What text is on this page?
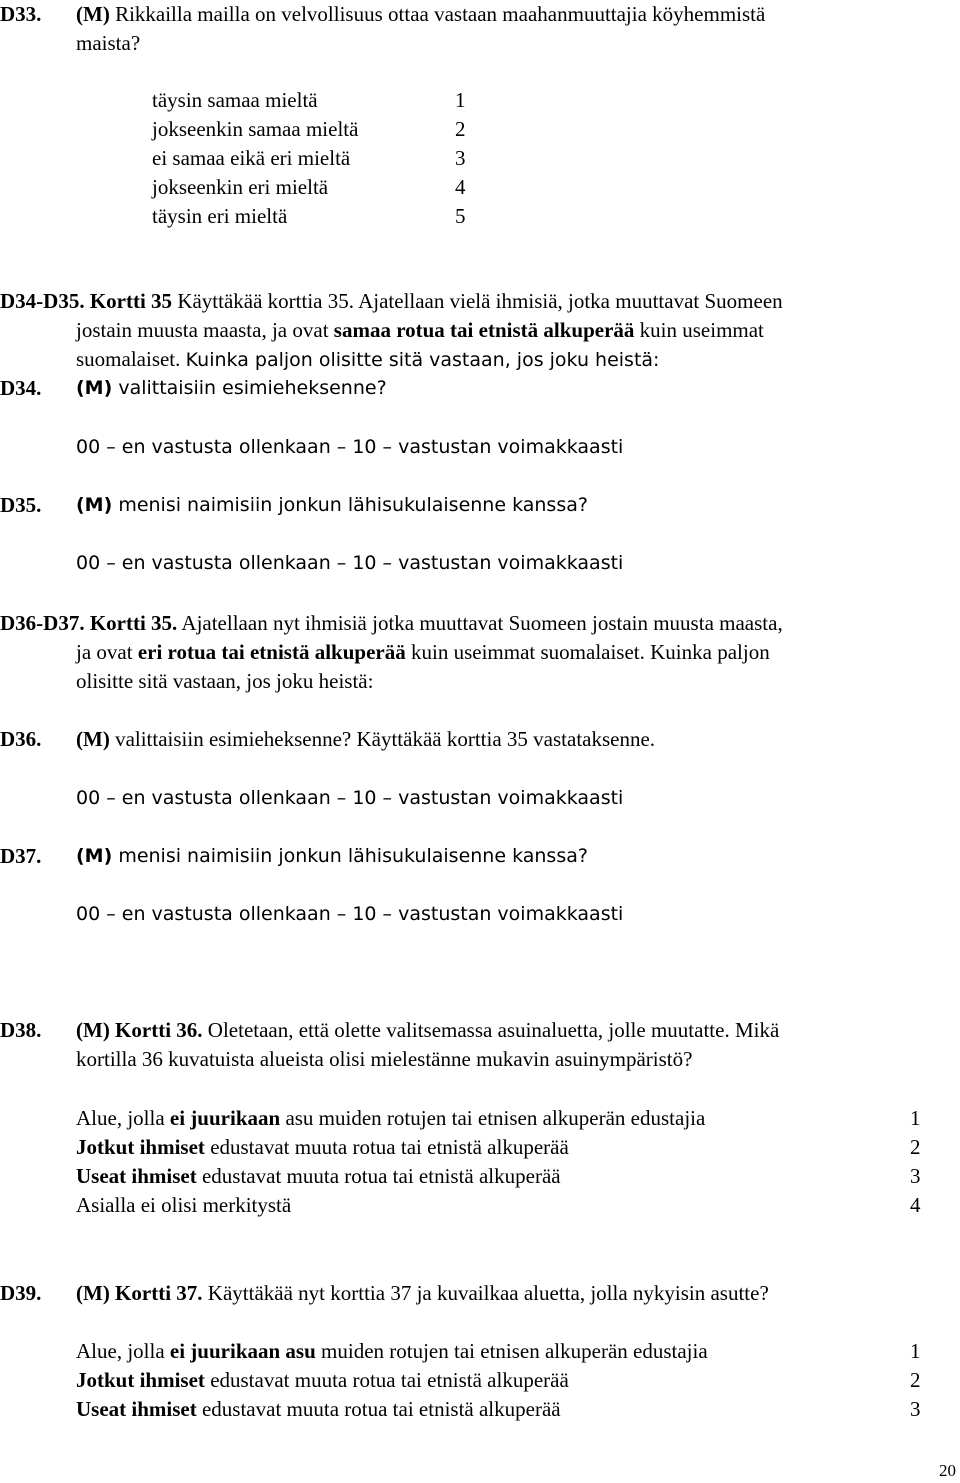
D33. (M) Rikkailla mailla on velvollisuus ottaa vastaan maahanmuuttajia köyhemmistä
maista?
täysin samaa mieltä	1
jokseenkin samaa mieltä	2
ei samaa eikä eri mieltä	3
jokseenkin eri mieltä	4
täysin eri mieltä	5
D34-D35. Kortti 35 Käyttäkää korttia 35. Ajatellaan vielä ihmisiä, jotka muuttavat Suomeen
jostain muusta maasta, ja ovat samaa rotua tai etnistä alkuperää kuin useimmat
suomalaiset. Kuinka paljon olisitte sitä vastaan, jos joku heistä:
D34. (M) valittaisiin esimieheksenne?
00 – en vastusta ollenkaan – 10 – vastustan voimakkaasti
D35. (M) menisi naimisiin jonkun lähisukulaisenne kanssa?
00 – en vastusta ollenkaan – 10 – vastustan voimakkaasti
D36-D37. Kortti 35. Ajatellaan nyt ihmisiä jotka muuttavat Suomeen jostain muusta maasta,
ja ovat eri rotua tai etnistä alkuperää kuin useimmat suomalaiset. Kuinka paljon
olisitte sitä vastaan, jos joku heistä:
D36. (M) valittaisiin esimieheksenne? Käyttäkää korttia 35 vastataksenne.
00 – en vastusta ollenkaan – 10 – vastustan voimakkaasti
D37. (M) menisi naimisiin jonkun lähisukulaisenne kanssa?
00 – en vastusta ollenkaan – 10 – vastustan voimakkaasti
D38. (M) Kortti 36. Oletetaan, että olette valitsemassa asuinaluetta, jolle muutatte. Mikä
kortilla 36 kuvatuista alueista olisi mielestänne mukavin asuinympäristö?
Alue, jolla ei juurikaan asu muiden rotujen tai etnisen alkuperän edustajia	1
Jotkut ihmiset edustavat muuta rotua tai etnistä alkuperää	2
Useat ihmiset edustavat muuta rotua tai etnistä alkuperää	3
Asialla ei olisi merkitystä	4
D39. (M) Kortti 37. Käyttäkää nyt korttia 37 ja kuvailkaa aluetta, jolla nykyisin asutte?
Alue, jolla ei juurikaan asu muiden rotujen tai etnisen alkuperän edustajia	1
Jotkut ihmiset edustavat muuta rotua tai etnistä alkuperää	2
Useat ihmiset edustavat muuta rotua tai etnistä alkuperää	3
20
